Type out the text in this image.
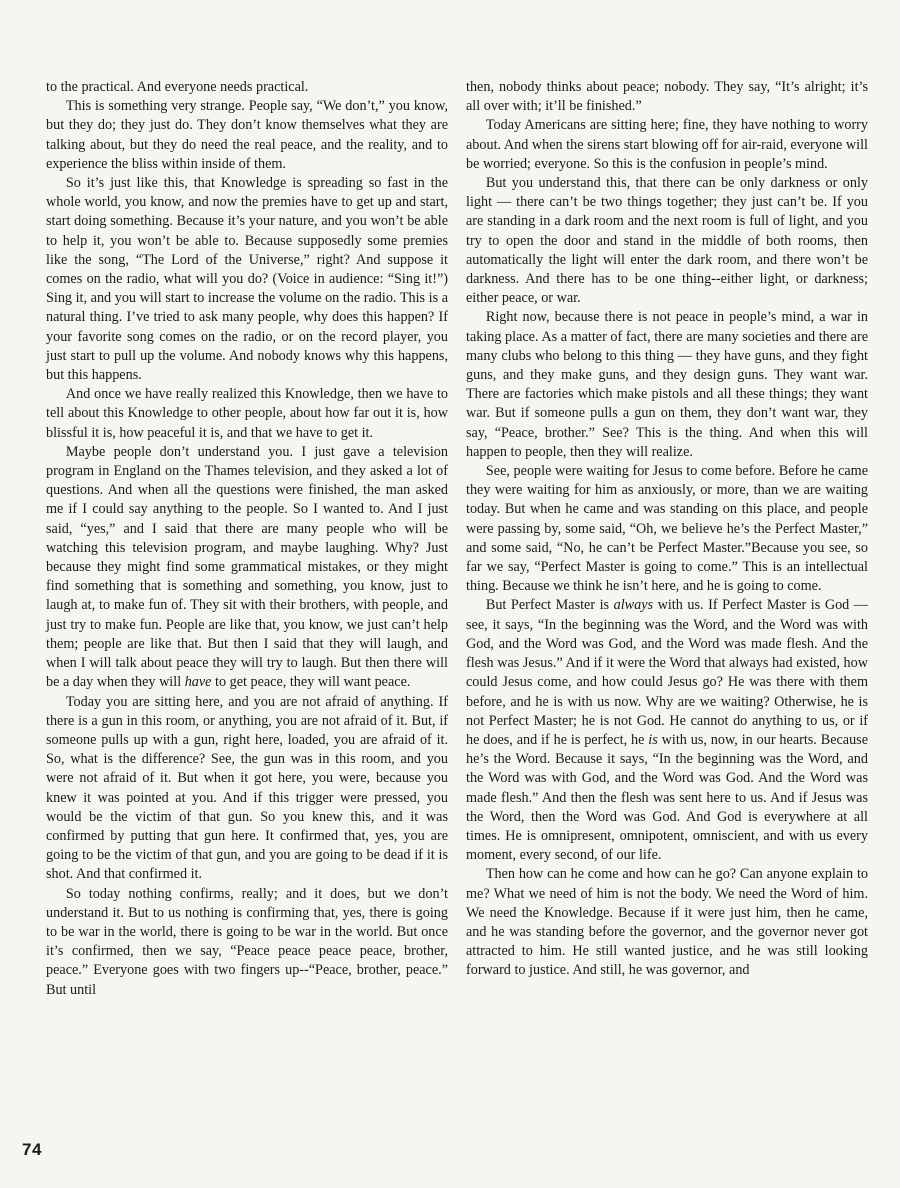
to the practical. And everyone needs practical.

This is something very strange. People say, “We don’t,” you know, but they do; they just do. They don’t know themselves what they are talking about, but they do need the real peace, and the reality, and to experience the bliss within inside of them.

So it’s just like this, that Knowledge is spreading so fast in the whole world, you know, and now the premies have to get up and start, start doing something. Because it’s your nature, and you won’t be able to help it, you won’t be able to. Because supposedly some premies like the song, “The Lord of the Universe,” right? And suppose it comes on the radio, what will you do? (Voice in audience: “Sing it!”) Sing it, and you will start to increase the volume on the radio. This is a natural thing. I’ve tried to ask many people, why does this happen? If your favorite song comes on the radio, or on the record player, you just start to pull up the volume. And nobody knows why this happens, but this happens.

And once we have really realized this Knowledge, then we have to tell about this Knowledge to other people, about how far out it is, how blissful it is, how peaceful it is, and that we have to get it.

Maybe people don’t understand you. I just gave a television program in England on the Thames television, and they asked a lot of questions. And when all the questions were finished, the man asked me if I could say anything to the people. So I wanted to. And I just said, “yes,” and I said that there are many people who will be watching this television program, and maybe laughing. Why? Just because they might find some grammatical mistakes, or they might find something that is something and something, you know, just to laugh at, to make fun of. They sit with their brothers, with people, and just try to make fun. People are like that, you know, we just can’t help them; people are like that. But then I said that they will laugh, and when I will talk about peace they will try to laugh. But then there will be a day when they will have to get peace, they will want peace.

Today you are sitting here, and you are not afraid of anything. If there is a gun in this room, or anything, you are not afraid of it. But, if someone pulls up with a gun, right here, loaded, you are afraid of it. So, what is the difference? See, the gun was in this room, and you were not afraid of it. But when it got here, you were, because you knew it was pointed at you. And if this trigger were pressed, you would be the victim of that gun. So you knew this, and it was confirmed by putting that gun here. It confirmed that, yes, you are going to be the victim of that gun, and you are going to be dead if it is shot. And that confirmed it.

So today nothing confirms, really; and it does, but we don’t understand it. But to us nothing is confirming that, yes, there is going to be war in the world, there is going to be war in the world. But once it’s confirmed, then we say, “Peace peace peace peace, brother, peace.” Everyone goes with two fingers up--“Peace, brother, peace.” But until

then, nobody thinks about peace; nobody. They say, “It’s alright; it’s all over with; it’ll be finished.”

Today Americans are sitting here; fine, they have nothing to worry about. And when the sirens start blowing off for air-raid, everyone will be worried; everyone. So this is the confusion in people’s mind.

But you understand this, that there can be only darkness or only light — there can’t be two things together; they just can’t be. If you are standing in a dark room and the next room is full of light, and you try to open the door and stand in the middle of both rooms, then automatically the light will enter the dark room, and there won’t be darkness. And there has to be one thing--either light, or darkness; either peace, or war.

Right now, because there is not peace in people’s mind, a war in taking place. As a matter of fact, there are many societies and there are many clubs who belong to this thing — they have guns, and they fight guns, and they make guns, and they design guns. They want war. There are factories which make pistols and all these things; they want war. But if someone pulls a gun on them, they don’t want war, they say, “Peace, brother.” See? This is the thing. And when this will happen to people, then they will realize.

See, people were waiting for Jesus to come before. Before he came they were waiting for him as anxiously, or more, than we are waiting today. But when he came and was standing on this place, and people were passing by, some said, “Oh, we believe he’s the Perfect Master,” and some said, “No, he can’t be Perfect Master.”Because you see, so far we say, “Perfect Master is going to come.” This is an intellectual thing. Because we think he isn’t here, and he is going to come.

But Perfect Master is always with us. If Perfect Master is God — see, it says, “In the beginning was the Word, and the Word was with God, and the Word was God, and the Word was made flesh. And the flesh was Jesus.” And if it were the Word that always had existed, how could Jesus come, and how could Jesus go? He was there with them before, and he is with us now. Why are we waiting? Otherwise, he is not Perfect Master; he is not God. He cannot do anything to us, or if he does, and if he is perfect, he is with us, now, in our hearts. Because he’s the Word. Because it says, “In the beginning was the Word, and the Word was with God, and the Word was God. And the Word was made flesh.” And then the flesh was sent here to us. And if Jesus was the Word, then the Word was God. And God is everywhere at all times. He is omnipresent, omnipotent, omniscient, and with us every moment, every second, of our life.

Then how can he come and how can he go? Can anyone explain to me? What we need of him is not the body. We need the Word of him. We need the Knowledge. Because if it were just him, then he came, and he was standing before the governor, and the governor never got attracted to him. He still wanted justice, and he was still looking forward to justice. And still, he was governor, and

74
